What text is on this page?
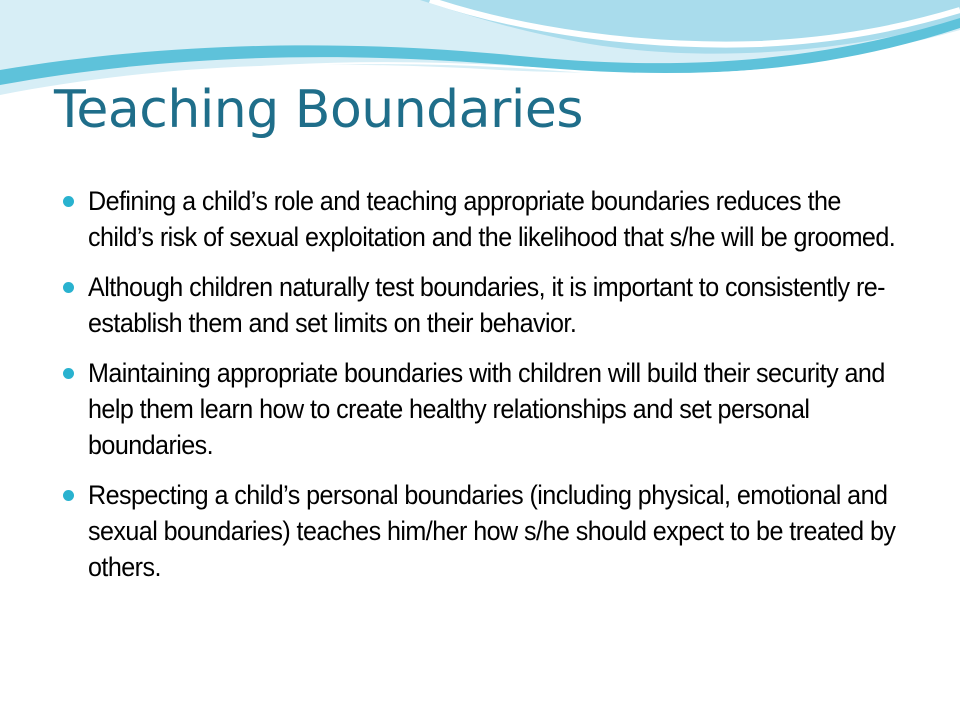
Teaching Boundaries
Defining a child’s role and teaching appropriate boundaries reduces the child’s risk of sexual exploitation and the likelihood that s/he will be groomed.
Although children naturally test boundaries, it is important to consistently re-establish them and set limits on their behavior.
Maintaining appropriate boundaries with children will build their security and help them learn how to create healthy relationships and set personal boundaries.
Respecting a child’s personal boundaries (including physical, emotional and sexual boundaries) teaches him/her how s/he should expect to be treated by others.
